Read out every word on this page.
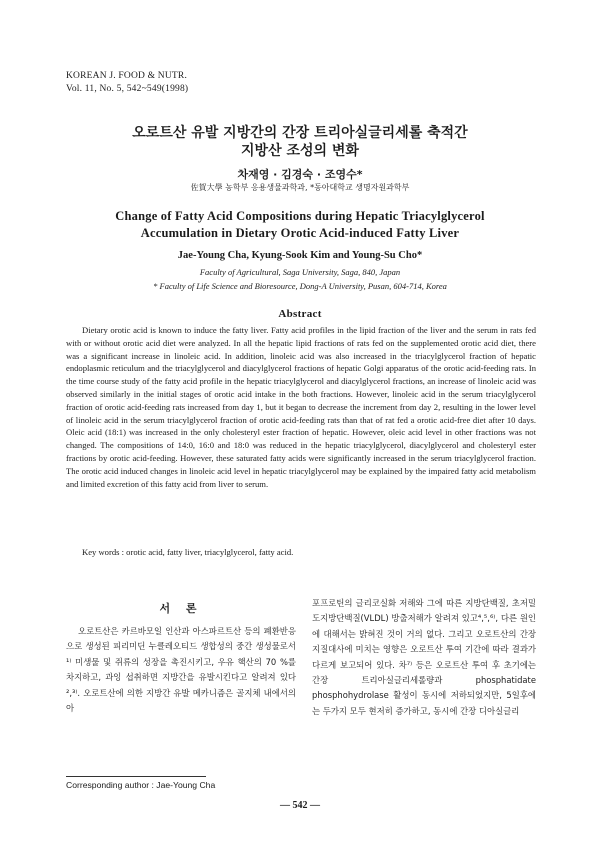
KOREAN J. FOOD & NUTR.
Vol. 11, No. 5, 542~549(1998)
오로트산 유발 지방간의 간장 트리아실글리세롤 축적간
지방산 조성의 변화
차재영 · 김경숙 · 조영수*
佐賀大學 농학부 응용생물과학과, *동아대학교 생명자원과학부
Change of Fatty Acid Compositions during Hepatic Triacylglycerol
Accumulation in Dietary Orotic Acid-induced Fatty Liver
Jae-Young Cha, Kyung-Sook Kim and Young-Su Cho*
Faculty of Agricultural, Saga University, Saga, 840, Japan
* Faculty of Life Science and Bioresource, Dong-A University, Pusan, 604-714, Korea
Abstract

Dietary orotic acid is known to induce the fatty liver. Fatty acid profiles in the lipid fraction of the liver and the serum in rats fed with or without orotic acid diet were analyzed. In all the hepatic lipid fractions of rats fed on the supplemented orotic acid diet, there was a significant increase in linoleic acid. In addition, linoleic acid was also increased in the triacylglycerol fraction of hepatic endoplasmic reticulum and the triacylglycerol and diacylglycerol fractions of hepatic Golgi apparatus of the orotic acid-feeding rats. In the time course study of the fatty acid profile in the hepatic triacylglycerol and diacylglycerol fractions, an increase of linoleic acid was observed similarly in the initial stages of orotic acid intake in the both fractions. However, linoleic acid in the serum triacylglycerol fraction of orotic acid-feeding rats increased from day 1, but it began to decrease the increment from day 2, resulting in the lower level of linoleic acid in the serum triacylglycerol fraction of orotic acid-feeding rats than that of rat fed a orotic acid-free diet after 10 days. Oleic acid (18:1) was increased in the only cholesteryl ester fraction of hepatic. However, oleic acid level in other fractions was not changed. The compositions of 14:0, 16:0 and 18:0 was reduced in the hepatic triacylglycerol, diacylglycerol and cholesteryl ester fractions by orotic acid-feeding. However, these saturated fatty acids were significantly increased in the serum triacylglycerol fraction. The orotic acid induced changes in linoleic acid level in hepatic triacylglycerol may be explained by the impaired fatty acid metabolism and limited excretion of this fatty acid from liver to serum.

Key words : orotic acid, fatty liver, triacylglycerol, fatty acid.
서 론

오로트산은 카르바모일 인산과 아스파르트산 등의 폐환반응으로 생성된 피리미딘 누클레오티드 생합성의 중간 생성물로서¹⁾ 미생물 및 쥐류의 성장을 촉진시키고, 우유 핵산의 70 %를 차지하고, 과잉 섭취하면 지방간을 유발시킨다고 알려져 있다²,³⁾. 오로트산에 의한 지방간 유발 메카니즘은 골지체 내에서의 아

포프로틴의 글리코실화 저해와 그에 따른 지방단백질, 초저밀도지방단백질(VLDL) 방출저해가 알려져 있고⁴,⁵,⁶⁾, 다른 원인에 대해서는 밝혀진 것이 거의 없다. 그리고 오로트산의 간장 지질대사에 미치는 영향은 오로트산 투여 기간에 따라 결과가 다르게 보고되어 있다. 차⁷⁾ 등은 오로트산 투여 후 초기에는 간장 트리아실글리세롤량과 phosphatidate phosphohydrolase 활성이 동시에 저하되었지만, 5일후에는 두가지 모두 현저히 증가하고, 동시에 간장 디아실글리

Corresponding author : Jae-Young Cha
— 542 —
